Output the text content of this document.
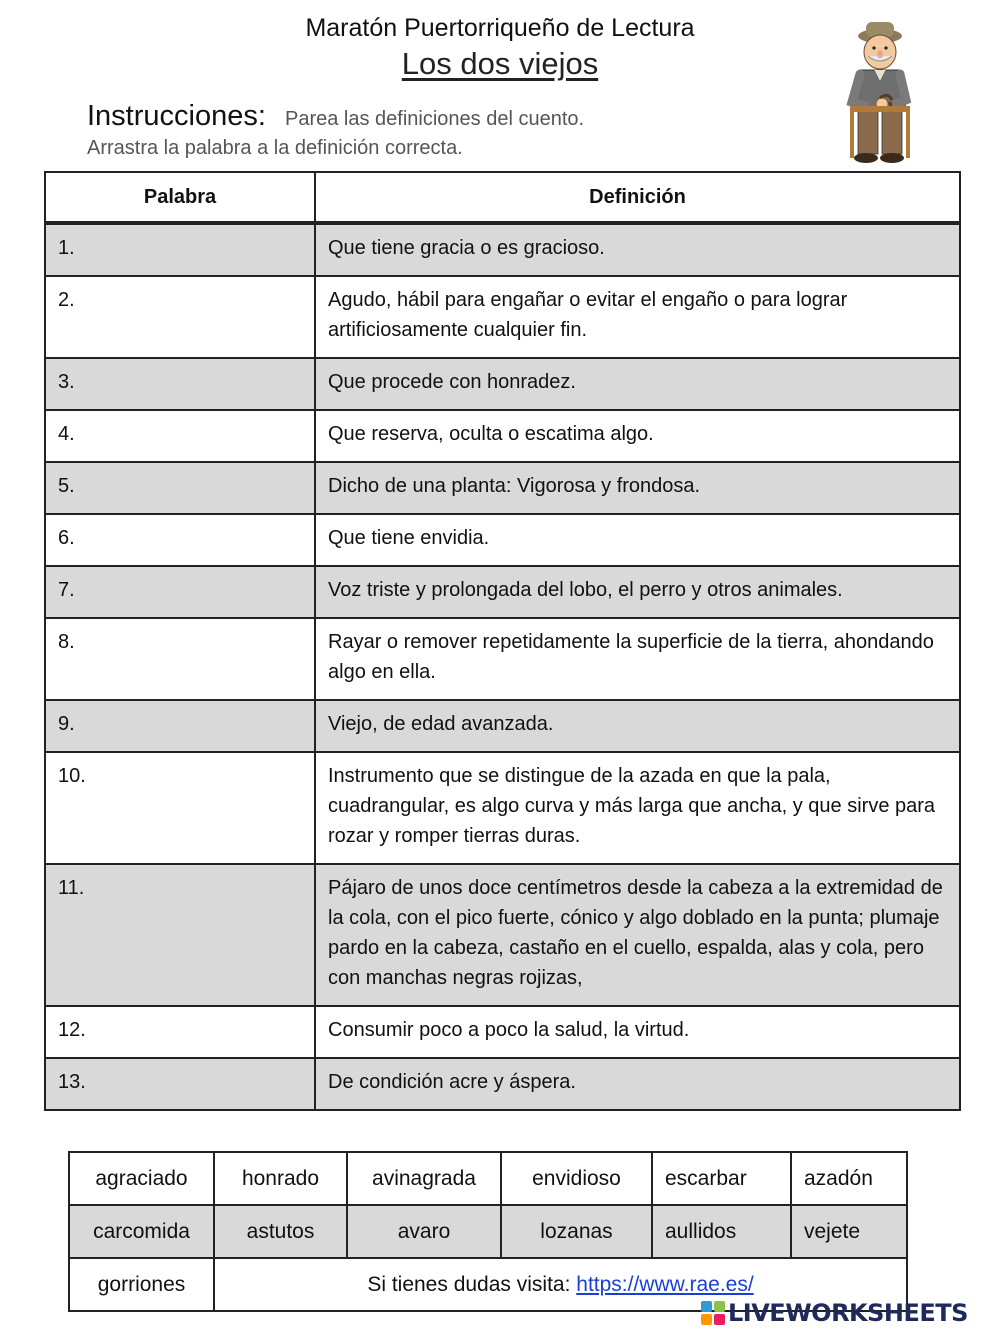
Maratón Puertorriqueño de Lectura
Los dos viejos
Instrucciones: Parea las definiciones del cuento.
Arrastra la palabra a la definición correcta.
Palabra	Definición
1.	Que tiene gracia o es gracioso.
2.	Agudo, hábil para engañar o evitar el engaño o para lograr artificiosamente cualquier fin.
3.	Que procede con honradez.
4.	Que reserva, oculta o escatima algo.
5.	Dicho de una planta: Vigorosa y frondosa.
6.	Que tiene envidia.
7.	Voz triste y prolongada del lobo, el perro y otros animales.
8.	Rayar o remover repetidamente la superficie de la tierra, ahondando algo en ella.
9.	Viejo, de edad avanzada.
10.	Instrumento que se distingue de la azada en que la pala, cuadrangular, es algo curva y más larga que ancha, y que sirve para rozar y romper tierras duras.
11.	Pájaro de unos doce centímetros desde la cabeza a la extremidad de la cola, con el pico fuerte, cónico y algo doblado en la punta; plumaje pardo en la cabeza, castaño en el cuello, espalda, alas y cola, pero con manchas negras rojizas,
12.	Consumir poco a poco la salud, la virtud.
13.	De condición acre y áspera.
agraciado	honrado	avinagrada	envidioso	escarbar	azadón
carcomida	astutos	avaro	lozanas	aullidos	vejete
gorriones	Si tienes dudas visita: https://www.rae.es/				
LIVEWORKSHEETS
